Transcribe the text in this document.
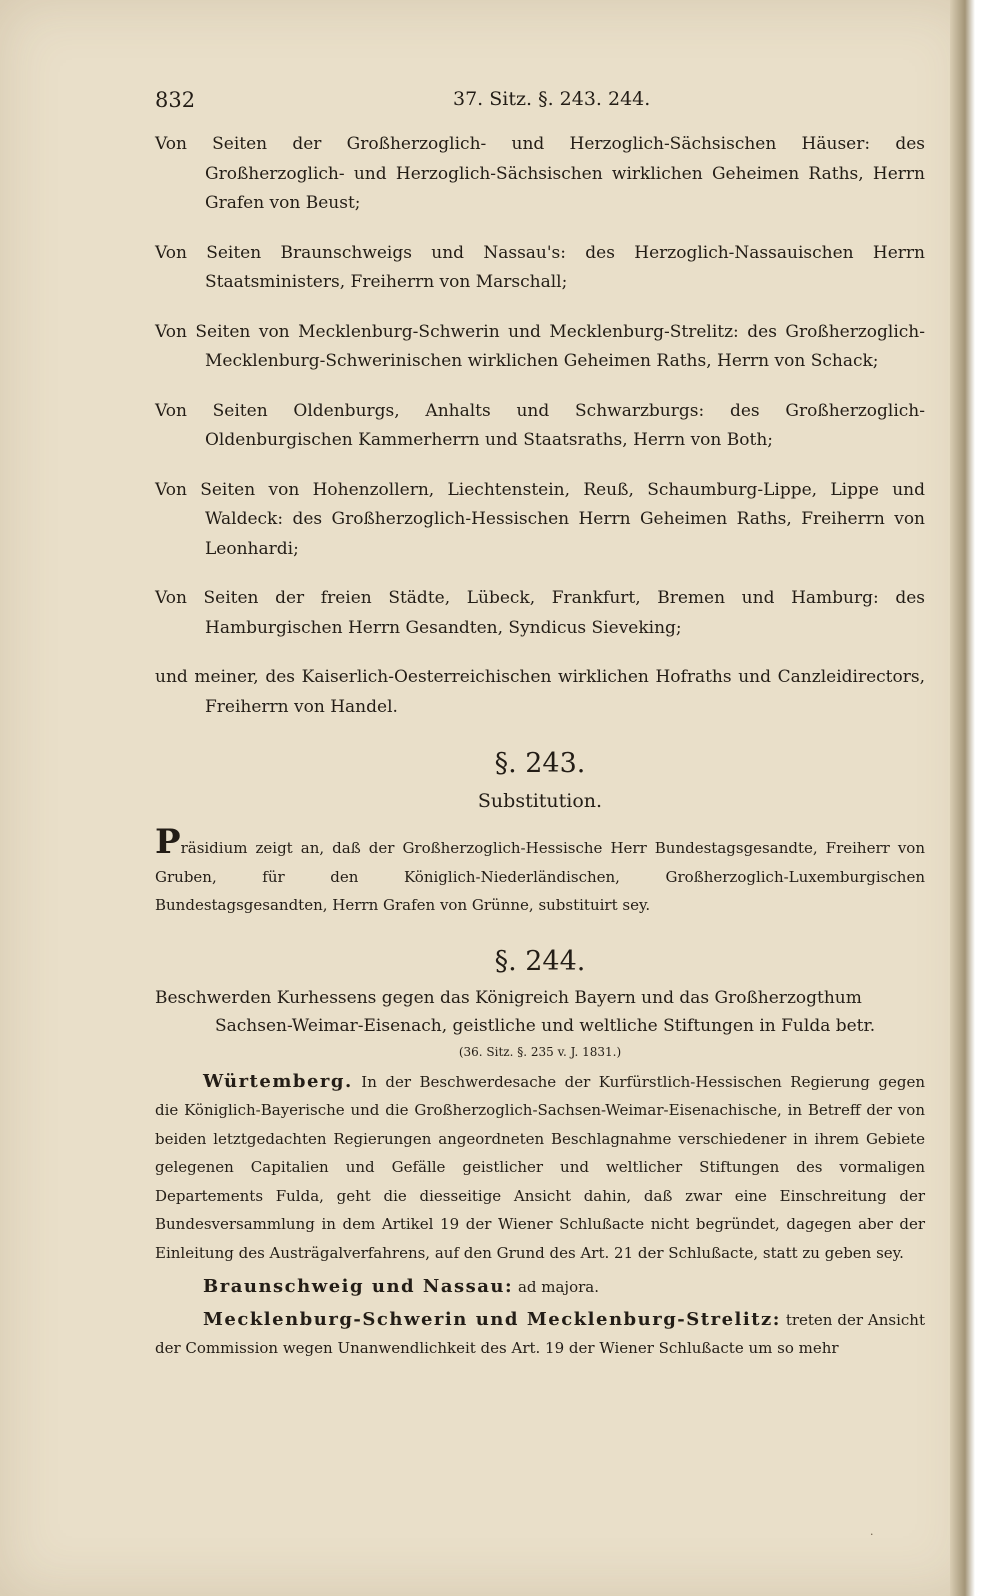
832	37. Sitz. §. 243. 244.

Von Seiten der Großherzoglich- und Herzoglich-Sächsischen Häuser: des Großherzoglich- und Herzoglich-Sächsischen wirklichen Geheimen Raths, Herrn Grafen von Beust;

Von Seiten Braunschweigs und Nassau's: des Herzoglich-Nassauischen Herrn Staatsministers, Freiherrn von Marschall;

Von Seiten von Mecklenburg-Schwerin und Mecklenburg-Strelitz: des Großherzoglich-Mecklenburg-Schwerinischen wirklichen Geheimen Raths, Herrn von Schack;

Von Seiten Oldenburgs, Anhalts und Schwarzburgs: des Großherzoglich-Oldenburgischen Kammerherrn und Staatsraths, Herrn von Both;

Von Seiten von Hohenzollern, Liechtenstein, Reuß, Schaumburg-Lippe, Lippe und Waldeck: des Großherzoglich-Hessischen Herrn Geheimen Raths, Freiherrn von Leonhardi;

Von Seiten der freien Städte, Lübeck, Frankfurt, Bremen und Hamburg: des Hamburgischen Herrn Gesandten, Syndicus Sieveking;

und meiner, des Kaiserlich-Oesterreichischen wirklichen Hofraths und Canzleidirectors, Freiherrn von Handel.

§. 243.
Substitution.

Präsidium zeigt an, daß der Großherzoglich-Hessische Herr Bundestagsgesandte, Freiherr von Gruben, für den Königlich-Niederländischen, Großherzoglich-Luxemburgischen Bundestagsgesandten, Herrn Grafen von Grünne, substituirt sey.

§. 244.

Beschwerden Kurhessens gegen das Königreich Bayern und das Großherzogthum

Sachsen-Weimar-Eisenach, geistliche und weltliche Stiftungen in Fulda betr.

(36. Sitz. §. 235 v. J. 1831.)

Würtemberg. In der Beschwerdesache der Kurfürstlich-Hessischen Regierung gegen die Königlich-Bayerische und die Großherzoglich-Sachsen-Weimar-Eisenachische, in Betreff der von beiden letztgedachten Regierungen angeordneten Beschlagnahme verschiedener in ihrem Gebiete gelegenen Capitalien und Gefälle geistlicher und weltlicher Stiftungen des vormaligen Departements Fulda, geht die diesseitige Ansicht dahin, daß zwar eine Einschreitung der Bundesversammlung in dem Artikel 19 der Wiener Schlußacte nicht begründet, dagegen aber der Einleitung des Austrägalverfahrens, auf den Grund des Art. 21 der Schlußacte, statt zu geben sey.

Braunschweig und Nassau: ad majora.

Mecklenburg-Schwerin und Mecklenburg-Strelitz: treten der Ansicht der Commission wegen Unanwendlichkeit des Art. 19 der Wiener Schlußacte um so mehr

·
